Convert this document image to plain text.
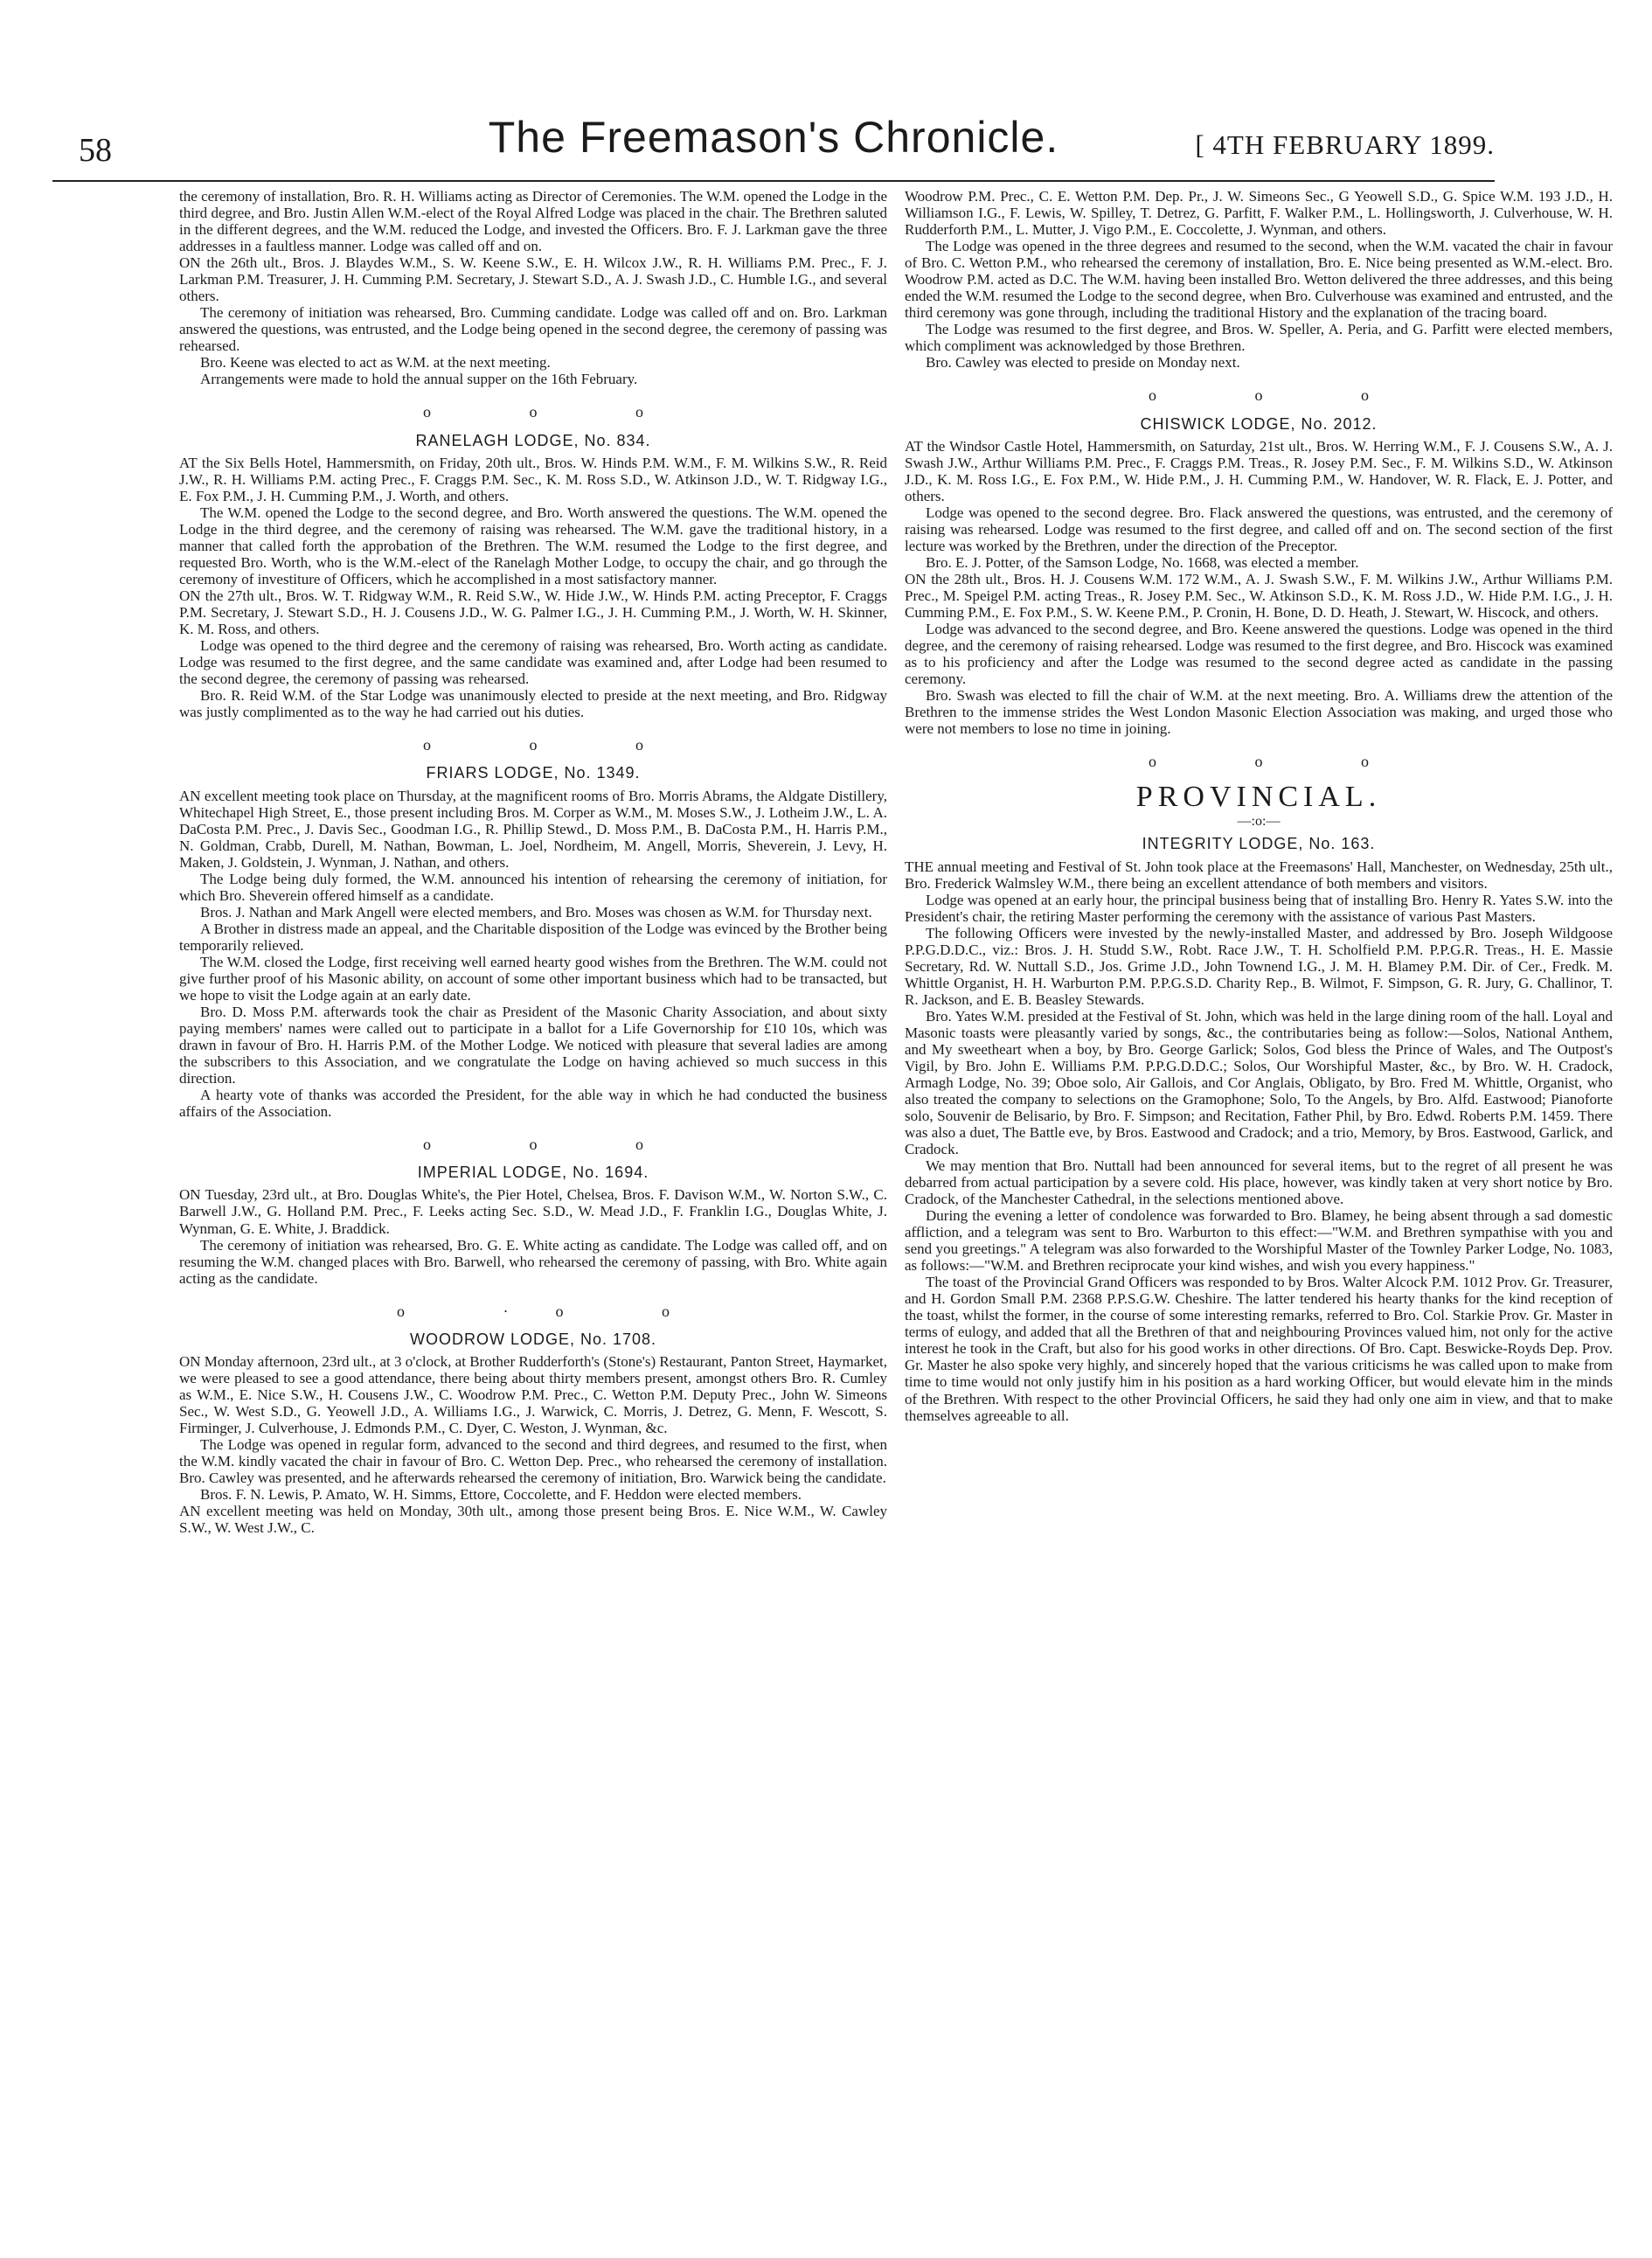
58	The Freemason's Chronicle.	[ 4TH FEBRUARY 1899.

the ceremony of installation, Bro. R. H. Williams acting as Director of Ceremonies. The W.M. opened the Lodge in the third degree, and Bro. Justin Allen W.M.-elect of the Royal Alfred Lodge was placed in the chair. The Brethren saluted in the different degrees, and the W.M. reduced the Lodge, and invested the Officers. Bro. F. J. Larkman gave the three addresses in a faultless manner. Lodge was called off and on.

ON the 26th ult., Bros. J. Blaydes W.M., S. W. Keene S.W., E. H. Wilcox J.W., R. H. Williams P.M. Prec., F. J. Larkman P.M. Treasurer, J. H. Cumming P.M. Secretary, J. Stewart S.D., A. J. Swash J.D., C. Humble I.G., and several others.

The ceremony of initiation was rehearsed, Bro. Cumming candidate. Lodge was called off and on. Bro. Larkman answered the questions, was entrusted, and the Lodge being opened in the second degree, the ceremony of passing was rehearsed.

Bro. Keene was elected to act as W.M. at the next meeting.

Arrangements were made to hold the annual supper on the 16th February.

o o o
RANELAGH LODGE, No. 834.

AT the Six Bells Hotel, Hammersmith, on Friday, 20th ult., Bros. W. Hinds P.M. W.M., F. M. Wilkins S.W., R. Reid J.W., R. H. Williams P.M. acting Prec., F. Craggs P.M. Sec., K. M. Ross S.D., W. Atkinson J.D., W. T. Ridgway I.G., E. Fox P.M., J. H. Cumming P.M., J. Worth, and others.

The W.M. opened the Lodge to the second degree, and Bro. Worth answered the questions. The W.M. opened the Lodge in the third degree, and the ceremony of raising was rehearsed. The W.M. gave the traditional history, in a manner that called forth the approbation of the Brethren. The W.M. resumed the Lodge to the first degree, and requested Bro. Worth, who is the W.M.-elect of the Ranelagh Mother Lodge, to occupy the chair, and go through the ceremony of investiture of Officers, which he accomplished in a most satisfactory manner.

ON the 27th ult., Bros. W. T. Ridgway W.M., R. Reid S.W., W. Hide J.W., W. Hinds P.M. acting Preceptor, F. Craggs P.M. Secretary, J. Stewart S.D., H. J. Cousens J.D., W. G. Palmer I.G., J. H. Cumming P.M., J. Worth, W. H. Skinner, K. M. Ross, and others.

Lodge was opened to the third degree and the ceremony of raising was rehearsed, Bro. Worth acting as candidate. Lodge was resumed to the first degree, and the same candidate was examined and, after Lodge had been resumed to the second degree, the ceremony of passing was rehearsed.

Bro. R. Reid W.M. of the Star Lodge was unanimously elected to preside at the next meeting, and Bro. Ridgway was justly complimented as to the way he had carried out his duties.

o o o
FRIARS LODGE, No. 1349.

AN excellent meeting took place on Thursday, at the magnificent rooms of Bro. Morris Abrams, the Aldgate Distillery, Whitechapel High Street, E., those present including Bros. M. Corper as W.M., M. Moses S.W., J. Lotheim J.W., L. A. DaCosta P.M. Prec., J. Davis Sec., Goodman I.G., R. Phillip Stewd., D. Moss P.M., B. DaCosta P.M., H. Harris P.M., N. Goldman, Crabb, Durell, M. Nathan, Bowman, L. Joel, Nordheim, M. Angell, Morris, Sheverein, J. Levy, H. Maken, J. Goldstein, J. Wynman, J. Nathan, and others.

The Lodge being duly formed, the W.M. announced his intention of rehearsing the ceremony of initiation, for which Bro. Sheverein offered himself as a candidate.

Bros. J. Nathan and Mark Angell were elected members, and Bro. Moses was chosen as W.M. for Thursday next.

A Brother in distress made an appeal, and the Charitable disposition of the Lodge was evinced by the Brother being temporarily relieved.

The W.M. closed the Lodge, first receiving well earned hearty good wishes from the Brethren. The W.M. could not give further proof of his Masonic ability, on account of some other important business which had to be transacted, but we hope to visit the Lodge again at an early date.

Bro. D. Moss P.M. afterwards took the chair as President of the Masonic Charity Association, and about sixty paying members' names were called out to participate in a ballot for a Life Governorship for £10 10s, which was drawn in favour of Bro. H. Harris P.M. of the Mother Lodge. We noticed with pleasure that several ladies are among the subscribers to this Association, and we congratulate the Lodge on having achieved so much success in this direction.

A hearty vote of thanks was accorded the President, for the able way in which he had conducted the business affairs of the Association.

o o o
IMPERIAL LODGE, No. 1694.

ON Tuesday, 23rd ult., at Bro. Douglas White's, the Pier Hotel, Chelsea, Bros. F. Davison W.M., W. Norton S.W., C. Barwell J.W., G. Holland P.M. Prec., F. Leeks acting Sec. S.D., W. Mead J.D., F. Franklin I.G., Douglas White, J. Wynman, G. E. White, J. Braddick.

The ceremony of initiation was rehearsed, Bro. G. E. White acting as candidate. The Lodge was called off, and on resuming the W.M. changed places with Bro. Barwell, who rehearsed the ceremony of passing, with Bro. White again acting as the candidate.

o ·o o
WOODROW LODGE, No. 1708.

ON Monday afternoon, 23rd ult., at 3 o'clock, at Brother Rudderforth's (Stone's) Restaurant, Panton Street, Haymarket, we were pleased to see a good attendance, there being about thirty members present, amongst others Bro. R. Cumley as W.M., E. Nice S.W., H. Cousens J.W., C. Woodrow P.M. Prec., C. Wetton P.M. Deputy Prec., John W. Simeons Sec., W. West S.D., G. Yeowell J.D., A. Williams I.G., J. Warwick, C. Morris, J. Detrez, G. Menn, F. Wescott, S. Firminger, J. Culverhouse, J. Edmonds P.M., C. Dyer, C. Weston, J. Wynman, &c.

The Lodge was opened in regular form, advanced to the second and third degrees, and resumed to the first, when the W.M. kindly vacated the chair in favour of Bro. C. Wetton Dep. Prec., who rehearsed the ceremony of installation. Bro. Cawley was presented, and he afterwards rehearsed the ceremony of initiation, Bro. Warwick being the candidate.

Bros. F. N. Lewis, P. Amato, W. H. Simms, Ettore, Coccolette, and F. Heddon were elected members.

AN excellent meeting was held on Monday, 30th ult., among those present being Bros. E. Nice W.M., W. Cawley S.W., W. West J.W., C.

Woodrow P.M. Prec., C. E. Wetton P.M. Dep. Pr., J. W. Simeons Sec., G Yeowell S.D., G. Spice W.M. 193 J.D., H. Williamson I.G., F. Lewis, W. Spilley, T. Detrez, G. Parfitt, F. Walker P.M., L. Hollingsworth, J. Culverhouse, W. H. Rudderforth P.M., L. Mutter, J. Vigo P.M., E. Coccolette, J. Wynman, and others.

The Lodge was opened in the three degrees and resumed to the second, when the W.M. vacated the chair in favour of Bro. C. Wetton P.M., who rehearsed the ceremony of installation, Bro. E. Nice being presented as W.M.-elect. Bro. Woodrow P.M. acted as D.C. The W.M. having been installed Bro. Wetton delivered the three addresses, and this being ended the W.M. resumed the Lodge to the second degree, when Bro. Culverhouse was examined and entrusted, and the third ceremony was gone through, including the traditional History and the explanation of the tracing board.

The Lodge was resumed to the first degree, and Bros. W. Speller, A. Peria, and G. Parfitt were elected members, which compliment was acknowledged by those Brethren.

Bro. Cawley was elected to preside on Monday next.

o o o
CHISWICK LODGE, No. 2012.

AT the Windsor Castle Hotel, Hammersmith, on Saturday, 21st ult., Bros. W. Herring W.M., F. J. Cousens S.W., A. J. Swash J.W., Arthur Williams P.M. Prec., F. Craggs P.M. Treas., R. Josey P.M. Sec., F. M. Wilkins S.D., W. Atkinson J.D., K. M. Ross I.G., E. Fox P.M., W. Hide P.M., J. H. Cumming P.M., W. Handover, W. R. Flack, E. J. Potter, and others.

Lodge was opened to the second degree. Bro. Flack answered the questions, was entrusted, and the ceremony of raising was rehearsed. Lodge was resumed to the first degree, and called off and on. The second section of the first lecture was worked by the Brethren, under the direction of the Preceptor.

Bro. E. J. Potter, of the Samson Lodge, No. 1668, was elected a member.

ON the 28th ult., Bros. H. J. Cousens W.M. 172 W.M., A. J. Swash S.W., F. M. Wilkins J.W., Arthur Williams P.M. Prec., M. Speigel P.M. acting Treas., R. Josey P.M. Sec., W. Atkinson S.D., K. M. Ross J.D., W. Hide P.M. I.G., J. H. Cumming P.M., E. Fox P.M., S. W. Keene P.M., P. Cronin, H. Bone, D. D. Heath, J. Stewart, W. Hiscock, and others.

Lodge was advanced to the second degree, and Bro. Keene answered the questions. Lodge was opened in the third degree, and the ceremony of raising rehearsed. Lodge was resumed to the first degree, and Bro. Hiscock was examined as to his proficiency and after the Lodge was resumed to the second degree acted as candidate in the passing ceremony.

Bro. Swash was elected to fill the chair of W.M. at the next meeting. Bro. A. Williams drew the attention of the Brethren to the immense strides the West London Masonic Election Association was making, and urged those who were not members to lose no time in joining.

o o o
PROVINCIAL.
—:o:—
INTEGRITY LODGE, No. 163.

THE annual meeting and Festival of St. John took place at the Freemasons' Hall, Manchester, on Wednesday, 25th ult., Bro. Frederick Walmsley W.M., there being an excellent attendance of both members and visitors.

Lodge was opened at an early hour, the principal business being that of installing Bro. Henry R. Yates S.W. into the President's chair, the retiring Master performing the ceremony with the assistance of various Past Masters.

The following Officers were invested by the newly-installed Master, and addressed by Bro. Joseph Wildgoose P.P.G.D.D.C., viz.: Bros. J. H. Studd S.W., Robt. Race J.W., T. H. Scholfield P.M. P.P.G.R. Treas., H. E. Massie Secretary, Rd. W. Nuttall S.D., Jos. Grime J.D., John Townend I.G., J. M. H. Blamey P.M. Dir. of Cer., Fredk. M. Whittle Organist, H. H. Warburton P.M. P.P.G.S.D. Charity Rep., B. Wilmot, F. Simpson, G. R. Jury, G. Challinor, T. R. Jackson, and E. B. Beasley Stewards.

Bro. Yates W.M. presided at the Festival of St. John, which was held in the large dining room of the hall. Loyal and Masonic toasts were pleasantly varied by songs, &c., the contributaries being as follow:—Solos, National Anthem, and My sweetheart when a boy, by Bro. George Garlick; Solos, God bless the Prince of Wales, and The Outpost's Vigil, by Bro. John E. Williams P.M. P.P.G.D.D.C.; Solos, Our Worshipful Master, &c., by Bro. W. H. Cradock, Armagh Lodge, No. 39; Oboe solo, Air Gallois, and Cor Anglais, Obligato, by Bro. Fred M. Whittle, Organist, who also treated the company to selections on the Gramophone; Solo, To the Angels, by Bro. Alfd. Eastwood; Pianoforte solo, Souvenir de Belisario, by Bro. F. Simpson; and Recitation, Father Phil, by Bro. Edwd. Roberts P.M. 1459. There was also a duet, The Battle eve, by Bros. Eastwood and Cradock; and a trio, Memory, by Bros. Eastwood, Garlick, and Cradock.

We may mention that Bro. Nuttall had been announced for several items, but to the regret of all present he was debarred from actual participation by a severe cold. His place, however, was kindly taken at very short notice by Bro. Cradock, of the Manchester Cathedral, in the selections mentioned above.

During the evening a letter of condolence was forwarded to Bro. Blamey, he being absent through a sad domestic affliction, and a telegram was sent to Bro. Warburton to this effect:—"W.M. and Brethren sympathise with you and send you greetings." A telegram was also forwarded to the Worshipful Master of the Townley Parker Lodge, No. 1083, as follows:—"W.M. and Brethren reciprocate your kind wishes, and wish you every happiness."

The toast of the Provincial Grand Officers was responded to by Bros. Walter Alcock P.M. 1012 Prov. Gr. Treasurer, and H. Gordon Small P.M. 2368 P.P.S.G.W. Cheshire. The latter tendered his hearty thanks for the kind reception of the toast, whilst the former, in the course of some interesting remarks, referred to Bro. Col. Starkie Prov. Gr. Master in terms of eulogy, and added that all the Brethren of that and neighbouring Provinces valued him, not only for the active interest he took in the Craft, but also for his good works in other directions. Of Bro. Capt. Beswicke-Royds Dep. Prov. Gr. Master he also spoke very highly, and sincerely hoped that the various criticisms he was called upon to make from time to time would not only justify him in his position as a hard working Officer, but would elevate him in the minds of the Brethren. With respect to the other Provincial Officers, he said they had only one aim in view, and that to make themselves agreeable to all.
